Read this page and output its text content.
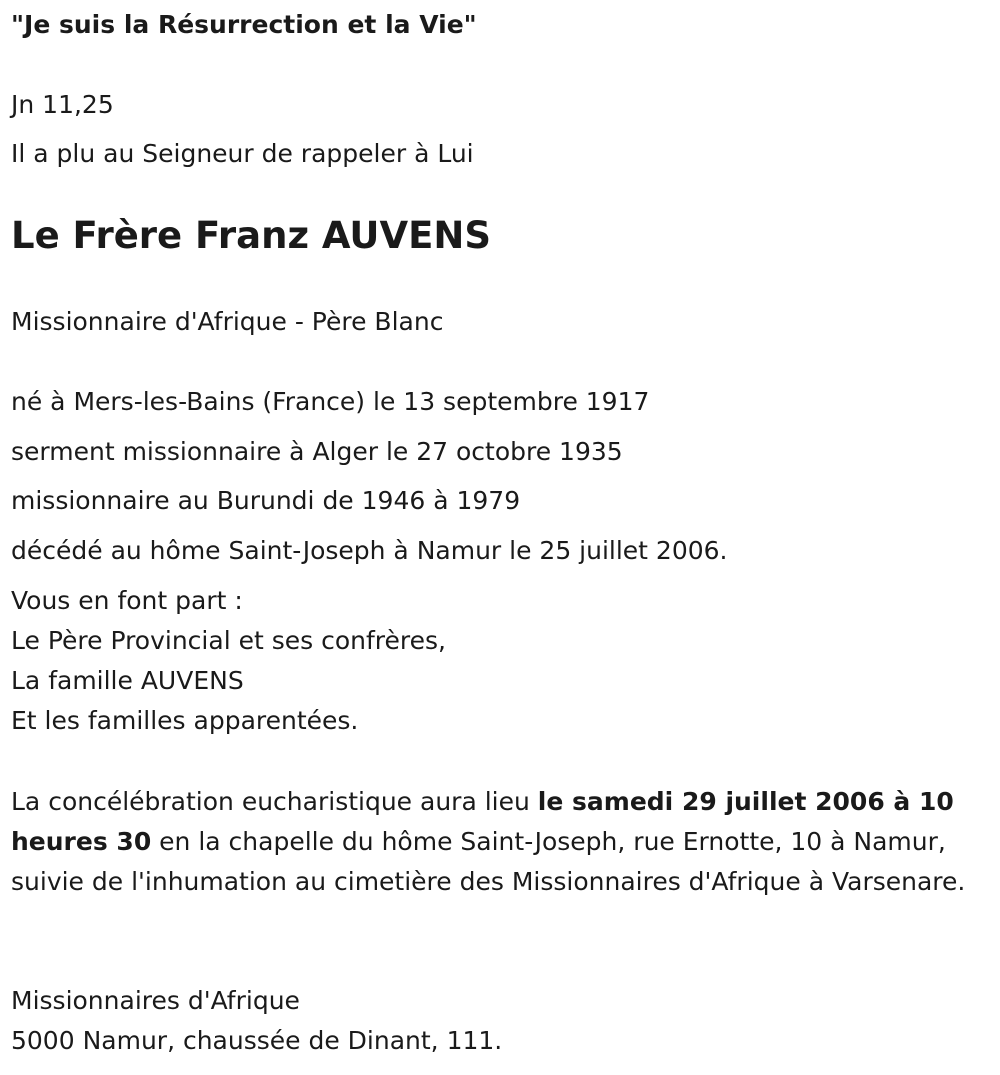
"Je suis la Résurrection et la Vie"
Jn 11,25
Il a plu au Seigneur de rappeler à Lui
Le Frère Franz AUVENS
Missionnaire d'Afrique - Père Blanc
né à Mers-les-Bains (France) le 13 septembre 1917
serment missionnaire à Alger le 27 octobre 1935
missionnaire au Burundi de 1946 à 1979
décédé au hôme Saint-Joseph à Namur le 25 juillet 2006.
Vous en font part :
Le Père Provincial et ses confrères,
La famille AUVENS
Et les familles apparentées.
La concélébration eucharistique aura lieu le samedi 29 juillet 2006 à 10 heures 30 en la chapelle du hôme Saint-Joseph, rue Ernotte, 10 à Namur, suivie de l'inhumation au cimetière des Missionnaires d'Afrique à Varsenare.
Missionnaires d'Afrique
5000 Namur, chaussée de Dinant, 111.
